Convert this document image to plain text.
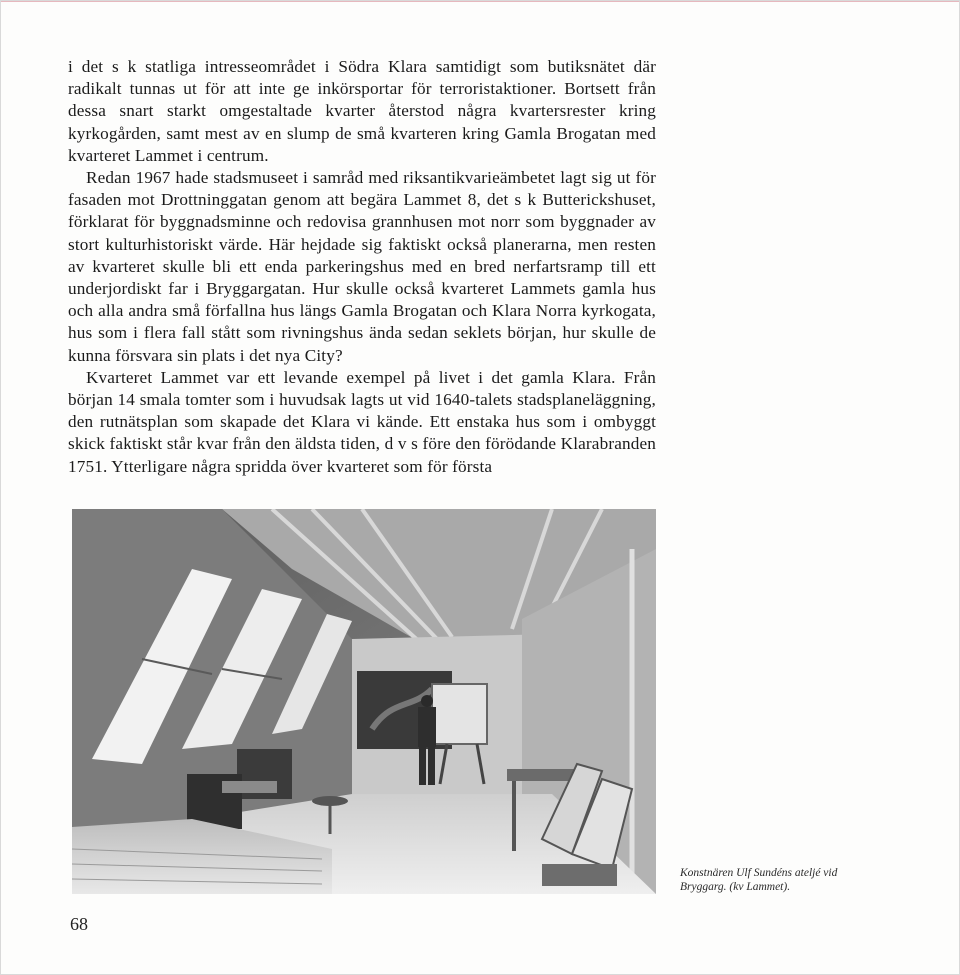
i det s k statliga intresseområdet i Södra Klara samtidigt som butiksnätet där radikalt tunnas ut för att inte ge inkörsportar för terroristaktioner. Bortsett från dessa snart starkt omgestaltade kvarter återstod några kvartersrester kring kyrkogården, samt mest av en slump de små kvarteren kring Gamla Brogatan med kvarteret Lammet i centrum.

Redan 1967 hade stadsmuseet i samråd med riksantikvarieämbetet lagt sig ut för fasaden mot Drottninggatan genom att begära Lammet 8, det s k Butterickshuset, förklarat för byggnadsminne och redovisa grannhusen mot norr som byggnader av stort kulturhistoriskt värde. Här hejdade sig faktiskt också planerarna, men resten av kvarteret skulle bli ett enda parkeringshus med en bred nerfartsramp till ett underjordiskt far i Bryggargatan. Hur skulle också kvarteret Lammets gamla hus och alla andra små förfallna hus längs Gamla Brogatan och Klara Norra kyrkogata, hus som i flera fall stått som rivningshus ända sedan seklets början, hur skulle de kunna försvara sin plats i det nya City?

Kvarteret Lammet var ett levande exempel på livet i det gamla Klara. Från början 14 smala tomter som i huvudsak lagts ut vid 1640-talets stadsplaneläggning, den rutnätsplan som skapade det Klara vi kände. Ett enstaka hus som i ombyggt skick faktiskt står kvar från den äldsta tiden, d v s före den förödande Klarabranden 1751. Ytterligare några spridda över kvarteret som för första

Konstnären Ulf Sundéns ateljé vid
Bryggarg. (kv Lammet).
68
